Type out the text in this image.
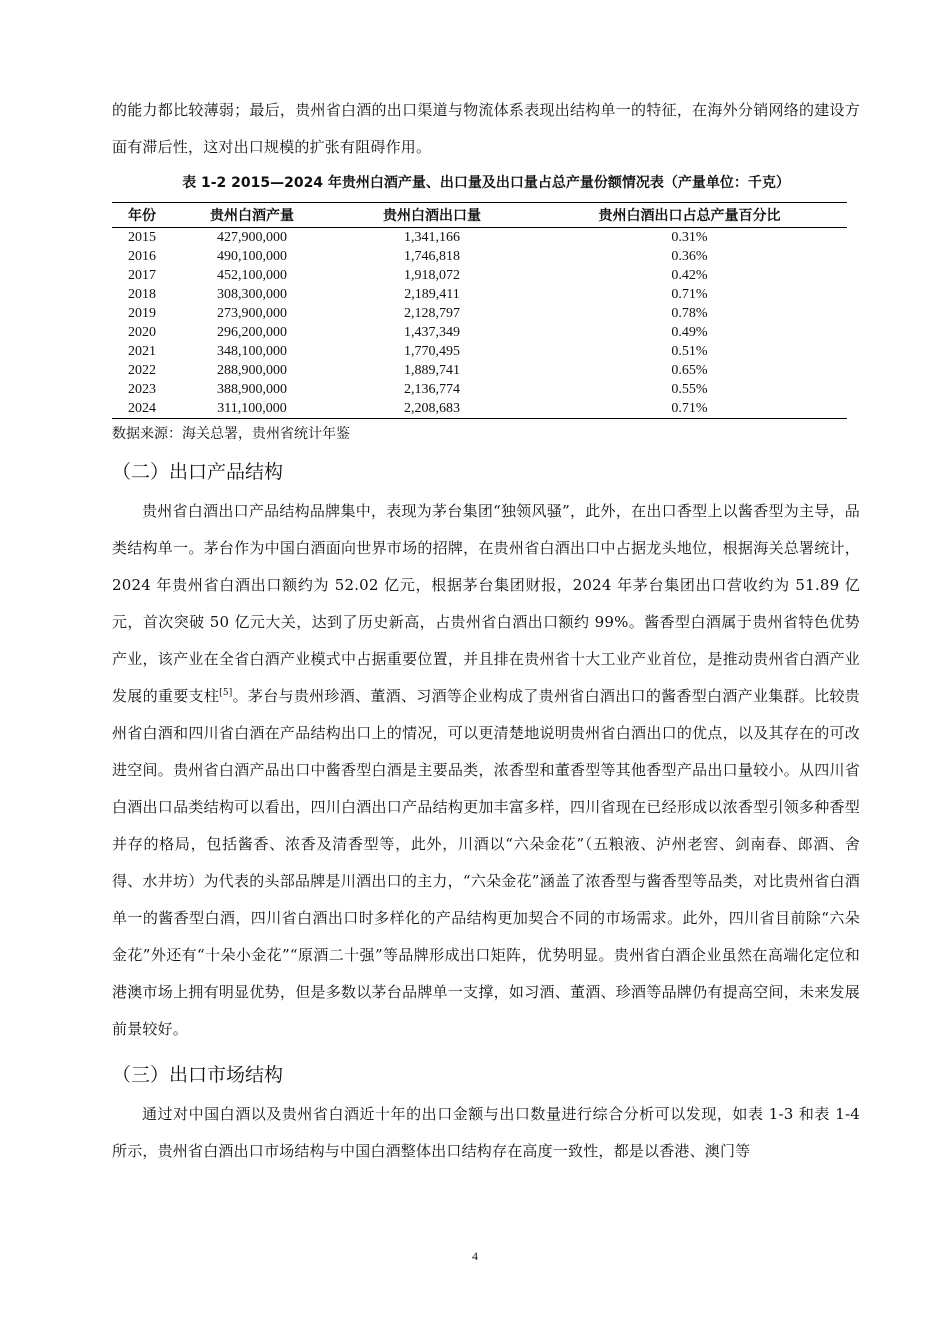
的能力都比较薄弱；最后，贵州省白酒的出口渠道与物流体系表现出结构单一的特征，在海外分销网络的建设方面有滞后性，这对出口规模的扩张有阻碍作用。

表 1-2 2015—2024 年贵州白酒产量、出口量及出口量占总产量份额情况表（产量单位：千克）
年份	贵州白酒产量	贵州白酒出口量	贵州白酒出口占总产量百分比
2015	427,900,000	1,341,166	0.31%
2016	490,100,000	1,746,818	0.36%
2017	452,100,000	1,918,072	0.42%
2018	308,300,000	2,189,411	0.71%
2019	273,900,000	2,128,797	0.78%
2020	296,200,000	1,437,349	0.49%
2021	348,100,000	1,770,495	0.51%
2022	288,900,000	1,889,741	0.65%
2023	388,900,000	2,136,774	0.55%
2024	311,100,000	2,208,683	0.71%
数据来源：海关总署，贵州省统计年鉴
（二）出口产品结构

贵州省白酒出口产品结构品牌集中，表现为茅台集团“独领风骚”，此外，在出口香型上以酱香型为主导，品类结构单一。茅台作为中国白酒面向世界市场的招牌，在贵州省白酒出口中占据龙头地位，根据海关总署统计，2024 年贵州省白酒出口额约为 52.02 亿元，根据茅台集团财报，2024 年茅台集团出口营收约为 51.89 亿元，首次突破 50 亿元大关，达到了历史新高，占贵州省白酒出口额约 99%。酱香型白酒属于贵州省特色优势产业，该产业在全省白酒产业模式中占据重要位置，并且排在贵州省十大工业产业首位，是推动贵州省白酒产业发展的重要支柱[5]。茅台与贵州珍酒、董酒、习酒等企业构成了贵州省白酒出口的酱香型白酒产业集群。比较贵州省白酒和四川省白酒在产品结构出口上的情况，可以更清楚地说明贵州省白酒出口的优点，以及其存在的可改进空间。贵州省白酒产品出口中酱香型白酒是主要品类，浓香型和董香型等其他香型产品出口量较小。从四川省白酒出口品类结构可以看出，四川白酒出口产品结构更加丰富多样，四川省现在已经形成以浓香型引领多种香型并存的格局，包括酱香、浓香及清香型等，此外，川酒以“六朵金花”（五粮液、泸州老窖、剑南春、郎酒、舍得、水井坊）为代表的头部品牌是川酒出口的主力，“六朵金花”涵盖了浓香型与酱香型等品类，对比贵州省白酒单一的酱香型白酒，四川省白酒出口时多样化的产品结构更加契合不同的市场需求。此外，四川省目前除“六朵金花”外还有“十朵小金花”“原酒二十强”等品牌形成出口矩阵，优势明显。贵州省白酒企业虽然在高端化定位和港澳市场上拥有明显优势，但是多数以茅台品牌单一支撑，如习酒、董酒、珍酒等品牌仍有提高空间，未来发展前景较好。

（三）出口市场结构

通过对中国白酒以及贵州省白酒近十年的出口金额与出口数量进行综合分析可以发现，如表 1-3 和表 1-4 所示，贵州省白酒出口市场结构与中国白酒整体出口结构存在高度一致性，都是以香港、澳门等

4
